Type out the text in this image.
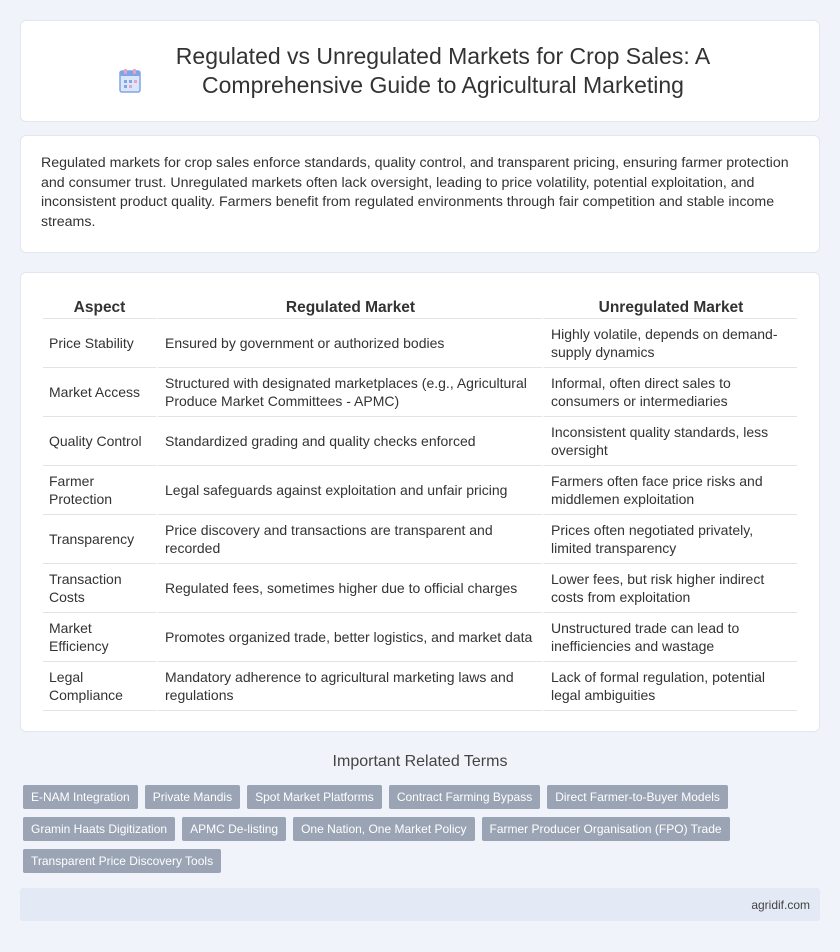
Regulated vs Unregulated Markets for Crop Sales: A Comprehensive Guide to Agricultural Marketing

Regulated markets for crop sales enforce standards, quality control, and transparent pricing, ensuring farmer protection and consumer trust. Unregulated markets often lack oversight, leading to price volatility, potential exploitation, and inconsistent product quality. Farmers benefit from regulated environments through fair competition and stable income streams.

Aspect	Regulated Market	Unregulated Market
Price Stability	Ensured by government or authorized bodies	Highly volatile, depends on demand-supply dynamics
Market Access	Structured with designated marketplaces (e.g., Agricultural Produce Market Committees - APMC)	Informal, often direct sales to consumers or intermediaries
Quality Control	Standardized grading and quality checks enforced	Inconsistent quality standards, less oversight
Farmer Protection	Legal safeguards against exploitation and unfair pricing	Farmers often face price risks and middlemen exploitation
Transparency	Price discovery and transactions are transparent and recorded	Prices often negotiated privately, limited transparency
Transaction Costs	Regulated fees, sometimes higher due to official charges	Lower fees, but risk higher indirect costs from exploitation
Market Efficiency	Promotes organized trade, better logistics, and market data	Unstructured trade can lead to inefficiencies and wastage
Legal Compliance	Mandatory adherence to agricultural marketing laws and regulations	Lack of formal regulation, potential legal ambiguities
Important Related Terms
E-NAM Integration	Private Mandis	Spot Market Platforms	Contract Farming Bypass	Direct Farmer-to-Buyer Models
Gramin Haats Digitization	APMC De-listing	One Nation, One Market Policy	Farmer Producer Organisation (FPO) Trade
Transparent Price Discovery Tools
agridif.com
